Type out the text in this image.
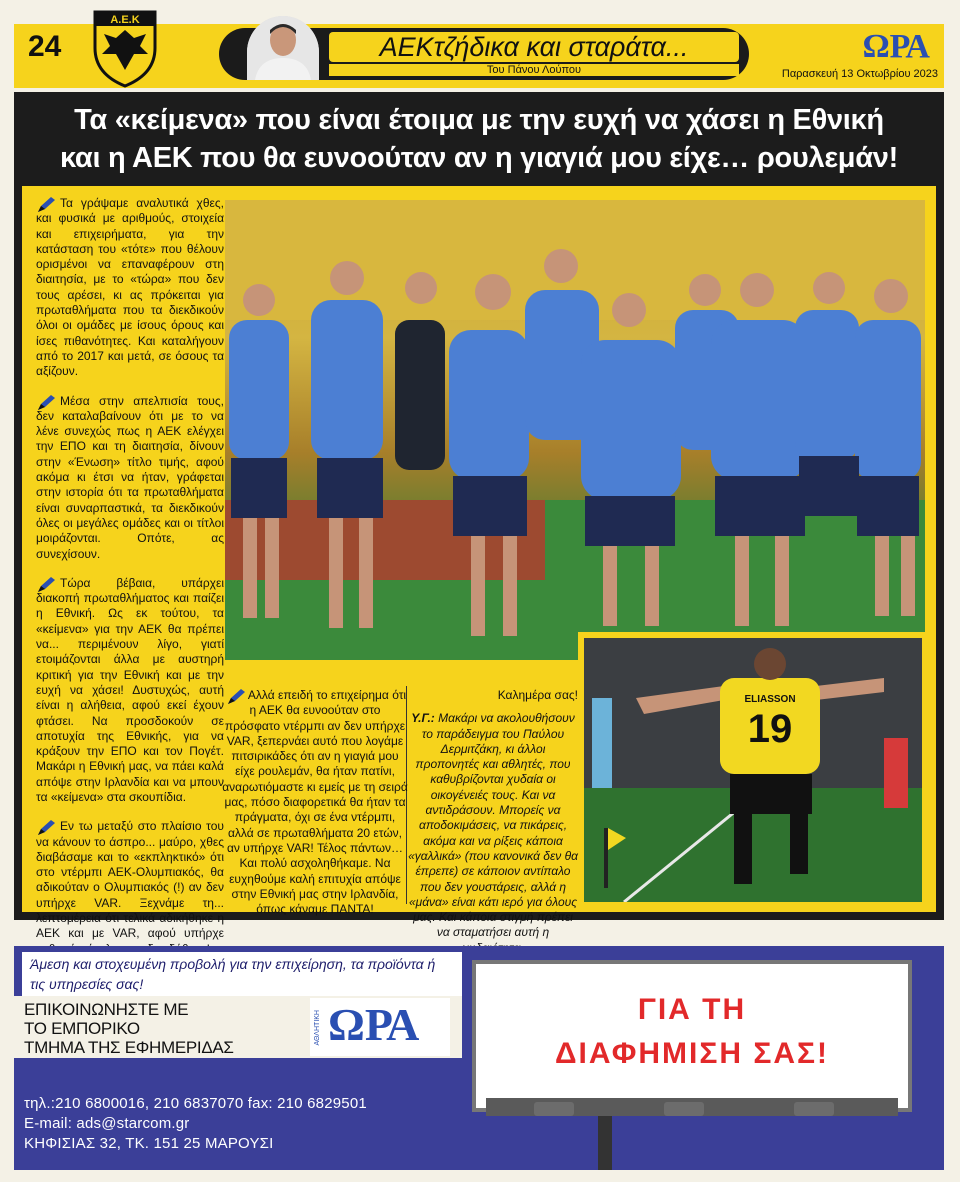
24
Α.Ε.Κ
ΑΕΚτζήδικα και σταράτα...
Του Πάνου Λούπου
ΩΡΑ
Παρασκευή 13 Οκτωβρίου 2023
Τα «κείμενα» που είναι έτοιμα με την ευχή να χάσει η Εθνική
και η ΑΕΚ που θα ευνοούταν αν η γιαγιά μου είχε… ρουλεμάν!

Τα γράψαμε αναλυτικά χθες, και φυσικά με αριθμούς, στοιχεία και επιχειρήματα, για την κατάσταση του «τότε» που θέλουν ορισμένοι να επαναφέρουν στη διαιτησία, με το «τώρα» που δεν τους αρέσει, κι ας πρόκειται για πρωταθλήματα που τα διεκδικούν όλοι οι ομάδες με ίσους όρους και ίσες πιθανότητες. Και καταλήγουν από το 2017 και μετά, σε όσους τα αξίζουν.

Μέσα στην απελπισία τους, δεν καταλαβαίνουν ότι με το να λένε συνεχώς πως η ΑΕΚ ελέγχει την ΕΠΟ και τη διαιτησία, δίνουν στην «Ένωση» τίτλο τιμής, αφού ακόμα κι έτσι να ήταν, γράφεται στην ιστορία ότι τα πρωταθλήματα είναι συναρπαστικά, τα διεκδικούν όλες οι μεγάλες ομάδες και οι τίτλοι μοιράζονται. Οπότε, ας συνεχίσουν.

Τώρα βέβαια, υπάρχει διακοπή πρωταθλήματος και παίζει η Εθνική. Ως εκ τούτου, τα «κείμενα» για την ΑΕΚ θα πρέπει να... περιμένουν λίγο, γιατί ετοιμάζονται άλλα με αυστηρή κριτική για την Εθνική και με την ευχή να χάσει! Δυστυχώς, αυτή είναι η αλήθεια, αφού εκεί έχουν φτάσει. Να προσδοκούν σε αποτυχία της Εθνικής, για να κράξουν την ΕΠΟ και τον Πογέτ. Μακάρι η Εθνική μας, να πάει καλά απόψε στην Ιρλανδία και να μπουν τα «κείμενα» στα σκουπίδια.

Εν τω μεταξύ στο πλαίσιο του να κάνουν το άσπρο... μαύρο, χθες διαβάσαμε και το «εκπληκτικό» ότι στο ντέρμπι ΑΕΚ-Ολυμπιακός, θα αδικούταν ο Ολυμπιακός (!) αν δεν υπήρχε VAR. Ξεχνάμε τη... λεπτομέρεια ότι τελικά αδικήθηκε η ΑΕΚ και με VAR, αφού υπήρχε

ELIASSON
19
Αλλά επειδή το επιχείρημα ότι η ΑΕΚ θα ευνοούταν στο πρόσφατο ντέρμπι αν δεν υπήρχε VAR, ξεπερνάει αυτό που λογάμε πιτσιρικάδες ότι αν η γιαγιά μου είχε ρουλεμάν, θα ήταν πατίνι, αναρωτιόμαστε κι εμείς με τη σειρά μας, πόσο διαφορετικά θα ήταν τα πράγματα, όχι σε ένα ντέρμπι, αλλά σε πρωταθλήματα 20 ετών, αν υπήρχε VAR! Τέλος πάντων… Και πολύ ασχοληθήκαμε. Να ευχηθούμε καλή επιτυχία απόψε στην Εθνική μας στην Ιρλανδία, όπως κάναμε ΠΑΝΤΑ!
Καλημέρα σας!
Υ.Γ.: Μακάρι να ακολουθήσουν το παράδειγμα του Παύλου Δερμιτζάκη, κι άλλοι προπονητές και αθλητές, που καθυβρίζονται χυδαία οι οικογένειές τους. Και να αντιδράσουν. Μπορείς να αποδοκιμάσεις, να πικάρεις, ακόμα και να ρίξεις κάποια «γαλλικά» (που κανονικά δεν θα έπρεπε) σε κάποιον αντίπαλο που δεν γουστάρεις, αλλά η «μάνα» είναι κάτι ιερό για όλους μας. Και κάποια στιγμή πρέπει να σταματήσει αυτή η
Άμεση και στοχευμένη προβολή για την επιχείρηση, τα προϊόντα ή τις υπηρεσίες σας!
ΕΠΙΚΟΙΝΩΝΗΣΤΕ ΜΕ
ΤΟ ΕΜΠΟΡΙΚΟ
ΤΜΗΜΑ ΤΗΣ ΕΦΗΜΕΡΙΔΑΣ
ΑΘΛΗΤΙΚΗ ΩΡΑ
τηλ.:210 6800016, 210 6837070 fax: 210 6829501
E-mail: ads@starcom.gr
ΚΗΦΙΣΙΑΣ 32, ΤΚ. 151 25 ΜΑΡΟΥΣΙ
ΓΙΑ ΤΗ
ΔΙΑΦΗΜΙΣΗ ΣΑΣ!
